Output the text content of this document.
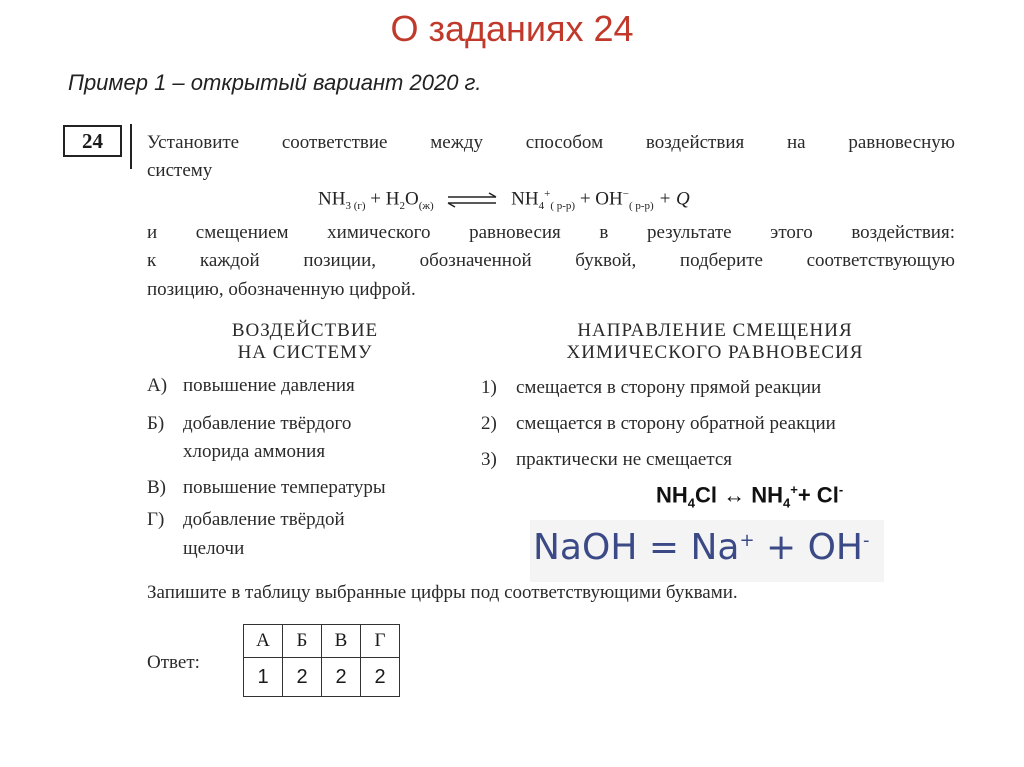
О заданиях 24
Пример 1 – открытый вариант 2020 г.
24	Установите соответствие между способом воздействия на равновесную
систему
$NH_{3 (г)} + H_2O_{(ж)}$ ⇌ $NH_4^+_{( р-р)} + OH^-_{( р-р)} + Q$
и смещением химического равновесия в результате этого воздействия:
к каждой позиции, обозначенной буквой, подберите соответствующую
позицию, обозначенную цифрой.
ВОЗДЕЙСТВИЕ
НА СИСТЕМУ
А) повышение давления
Б) добавление твёрдого
хлорида аммония
В) повышение температуры
Г) добавление твёрдой
щелочи
НАПРАВЛЕНИЕ СМЕЩЕНИЯ
ХИМИЧЕСКОГО РАВНОВЕСИЯ
1) смещается в сторону прямой реакции
2) смещается в сторону обратной реакции
3) практически не смещается
$NH_4Cl$ ↔ $NH_4^++ Cl^-$
NaOH = Na+ + OH-
Запишите в таблицу выбранные цифры под соответствующими буквами.
Ответ:
А	Б	В	Г
1	2	2	2
